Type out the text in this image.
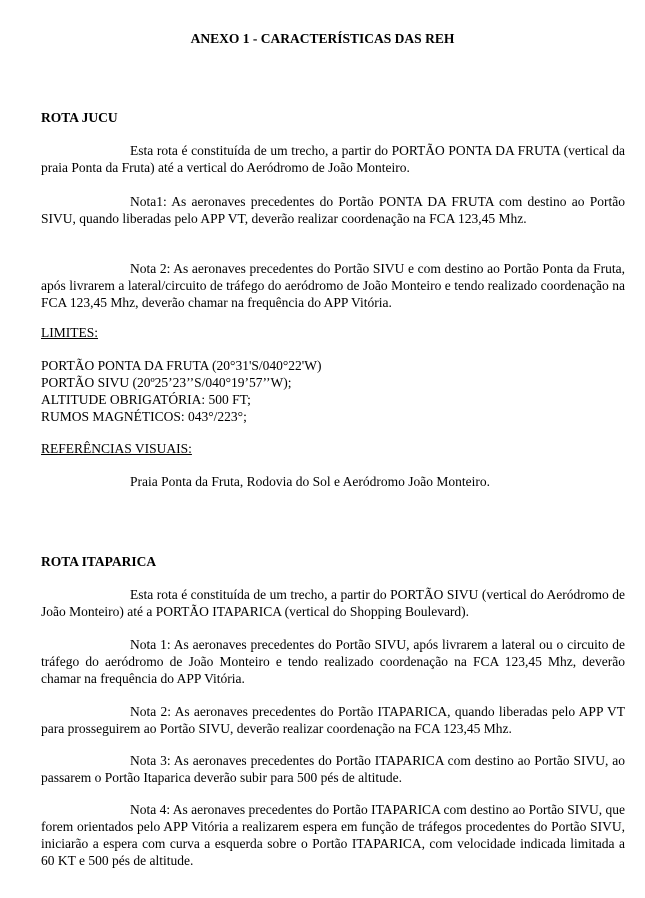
ANEXO 1 - CARACTERÍSTICAS DAS REH
ROTA JUCU
Esta rota é constituída de um trecho, a partir do PORTÃO PONTA DA FRUTA (vertical da praia Ponta da Fruta) até a vertical do Aeródromo de João Monteiro.
Nota1: As aeronaves precedentes do Portão PONTA DA FRUTA com destino ao Portão SIVU, quando liberadas pelo APP VT, deverão realizar coordenação na FCA 123,45 Mhz.
Nota 2: As aeronaves precedentes do Portão SIVU e com destino ao Portão Ponta da Fruta, após livrarem a lateral/circuito de tráfego do aeródromo de João Monteiro e tendo realizado coordenação na FCA 123,45 Mhz, deverão chamar na frequência do APP Vitória.
LIMITES:
PORTÃO PONTA DA FRUTA (20°31'S/040°22'W)
PORTÃO SIVU (20º25’23’’S/040°19’57’’W);
ALTITUDE OBRIGATÓRIA: 500 FT;
RUMOS MAGNÉTICOS: 043°/223°;
REFERÊNCIAS VISUAIS:
Praia Ponta da Fruta, Rodovia do Sol e Aeródromo João Monteiro.
ROTA ITAPARICA
Esta rota é constituída de um trecho, a partir do PORTÃO SIVU (vertical do Aeródromo de João Monteiro) até a PORTÃO ITAPARICA (vertical do Shopping Boulevard).
Nota 1: As aeronaves precedentes do Portão SIVU, após livrarem a lateral ou o circuito de tráfego do aeródromo de João Monteiro e tendo realizado coordenação na FCA 123,45 Mhz, deverão chamar na frequência do APP Vitória.
Nota 2: As aeronaves precedentes do Portão ITAPARICA, quando liberadas pelo APP VT para prosseguirem ao Portão SIVU, deverão realizar coordenação na FCA 123,45 Mhz.
Nota 3: As aeronaves precedentes do Portão ITAPARICA com destino ao Portão SIVU, ao passarem o Portão Itaparica deverão subir para 500 pés de altitude.
Nota 4: As aeronaves precedentes do Portão ITAPARICA com destino ao Portão SIVU, que forem orientados pelo APP Vitória a realizarem espera em função de tráfegos procedentes do Portão SIVU, iniciarão a espera com curva a esquerda sobre o Portão ITAPARICA, com velocidade indicada limitada a 60 KT e 500 pés de altitude.
